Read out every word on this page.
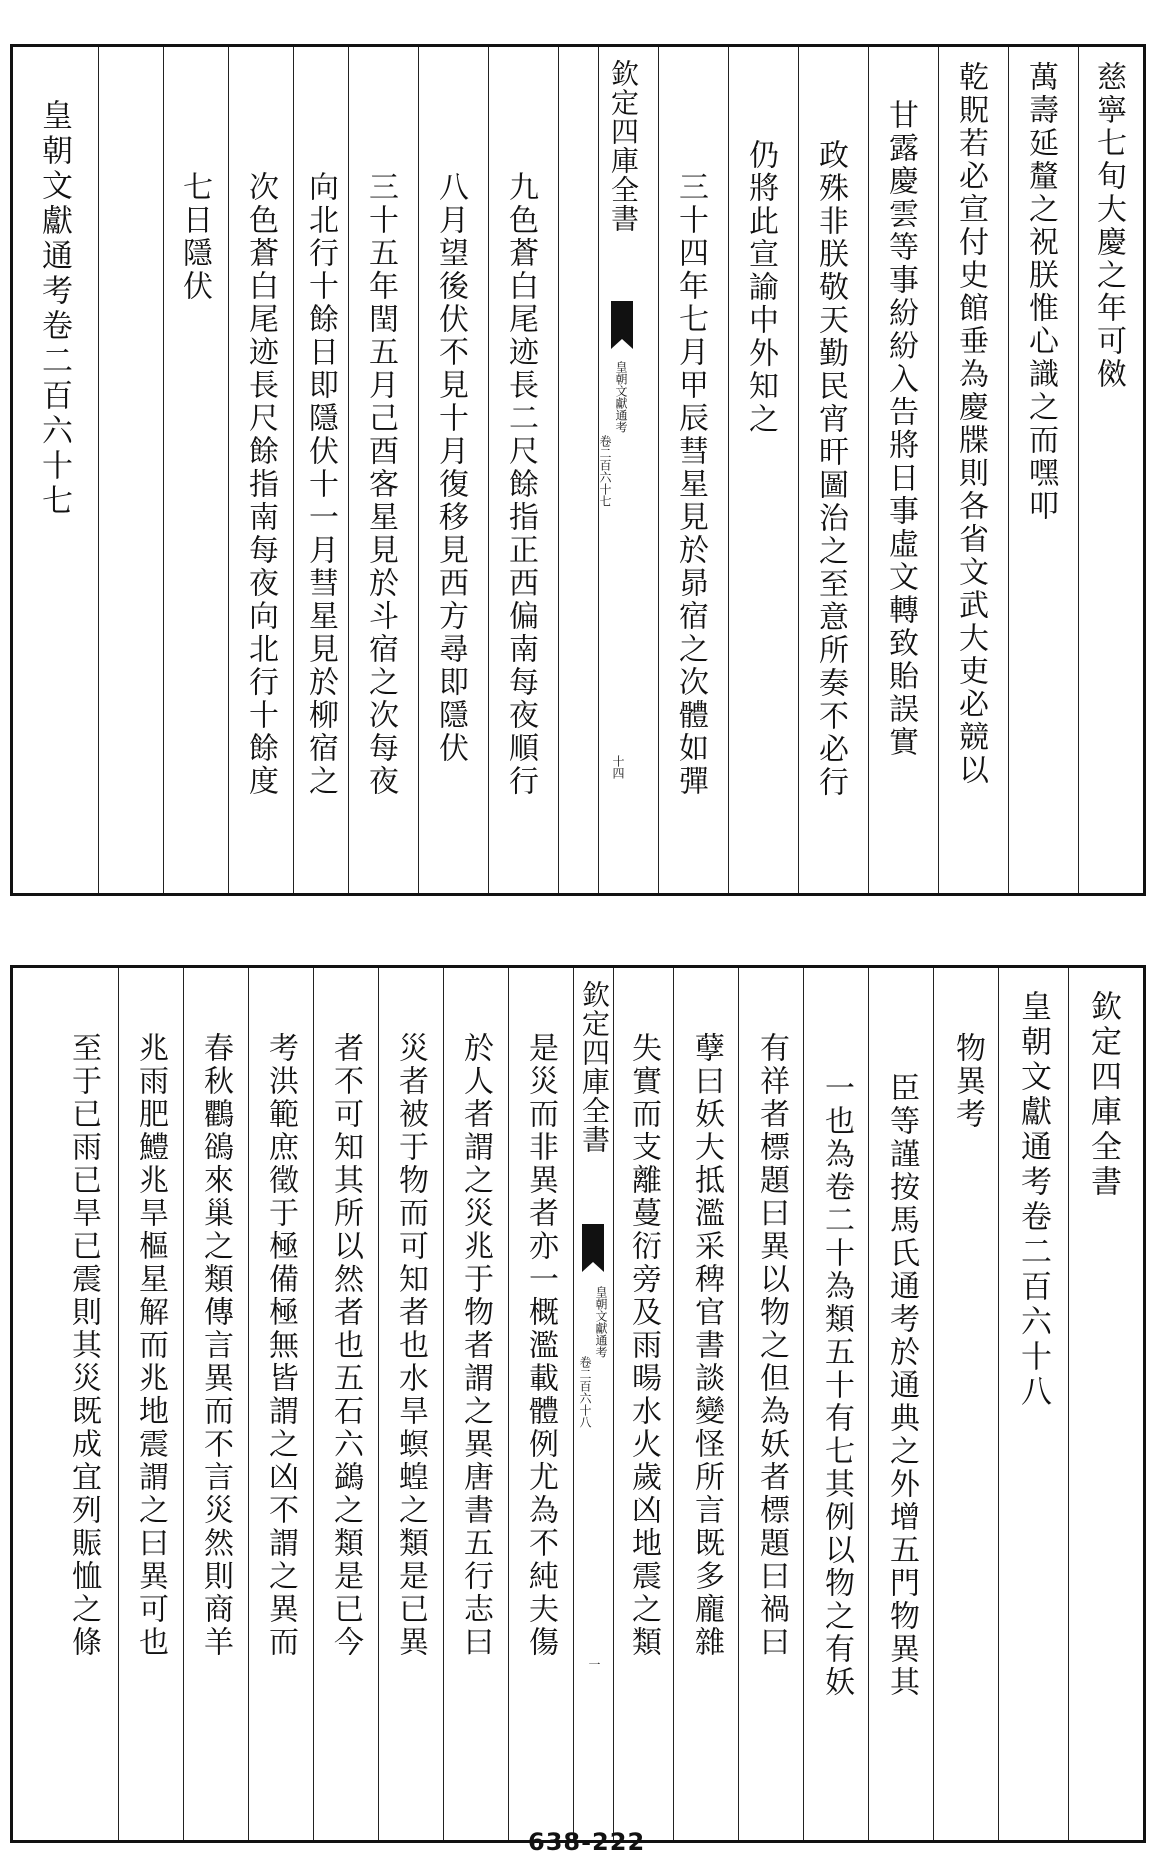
慈寧七旬大慶之年可傚
萬壽延釐之祝朕惟心識之而嘿叩
乾貺若必宣付史館垂為慶牒則各省文武大吏必競以
甘露慶雲等事紛紛入告將日事虛文轉致貽誤實
政殊非朕敬天勤民宵旰圖治之至意所奏不必行
仍將此宣諭中外知之
三十四年七月甲辰彗星見於昴宿之次體如彈
欽定四庫全書
皇朝文獻通考
卷二百六十七
十四
九色蒼白尾迹長二尺餘指正西偏南每夜順行
八月望後伏不見十月復移見西方尋即隱伏
三十五年閏五月己酉客星見於斗宿之次每夜
向北行十餘日即隱伏十一月彗星見於柳宿之
次色蒼白尾迹長尺餘指南每夜向北行十餘度
七日隱伏
皇朝文獻通考卷二百六十七
欽定四庫全書
皇朝文獻通考卷二百六十八
物異考
臣等謹按馬氏通考於通典之外增五門物異其
一也為卷二十為類五十有七其例以物之有妖
有祥者標題曰異以物之但為妖者標題曰禍曰
孽曰妖大抵濫采稗官書談變怪所言既多龐雜
失實而支離蔓衍旁及雨暘水火歲凶地震之類
欽定四庫全書
皇朝文獻通考
卷二百六十八
一
是災而非異者亦一概濫載體例尤為不純夫傷
於人者謂之災兆于物者謂之異唐書五行志曰
災者被于物而可知者也水旱螟蝗之類是已異
者不可知其所以然者也五石六鷁之類是已今
考洪範庶徵于極備極無皆謂之凶不謂之異而
春秋鸜鵒來巢之類傳言異而不言災然則商羊
兆雨肥鱧兆旱樞星解而兆地震謂之曰異可也
至于已雨已旱已震則其災既成宜列賑恤之條
638-222
